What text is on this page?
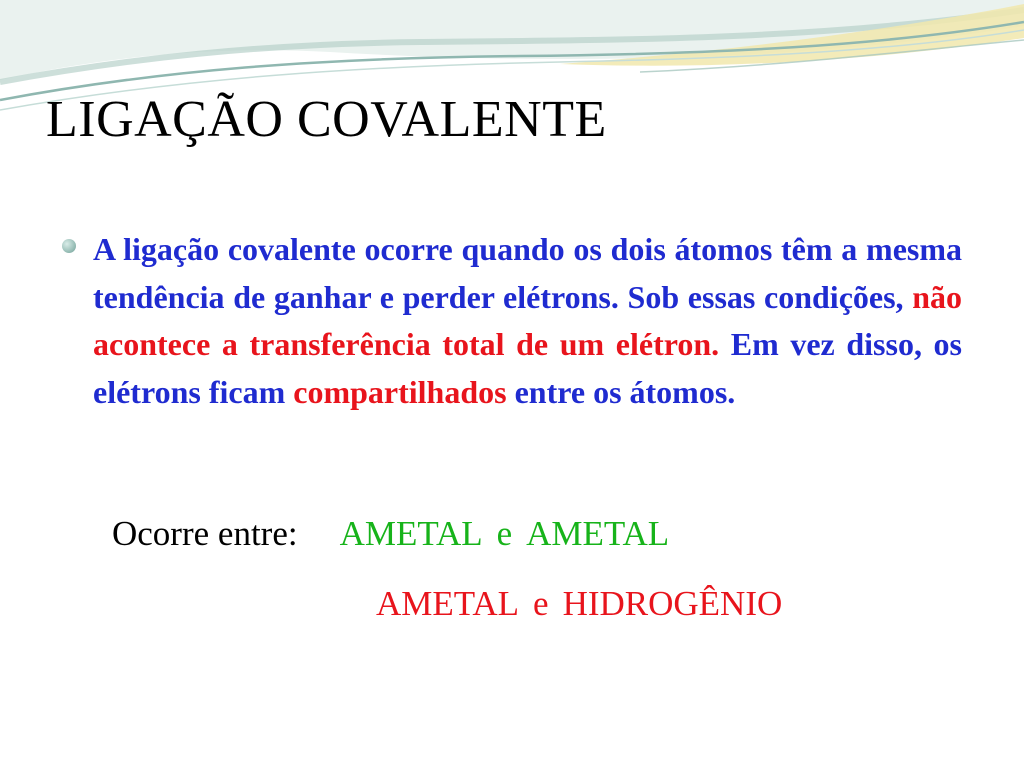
LIGAÇÃO COVALENTE

A ligação covalente ocorre quando os dois átomos têm a mesma tendência de ganhar e perder elétrons. Sob essas condições, não acontece a transferência total de um elétron. Em vez disso, os elétrons ficam compartilhados entre os átomos.

Ocorre entre: AMETAL e AMETAL
AMETAL e HIDROGÊNIO
